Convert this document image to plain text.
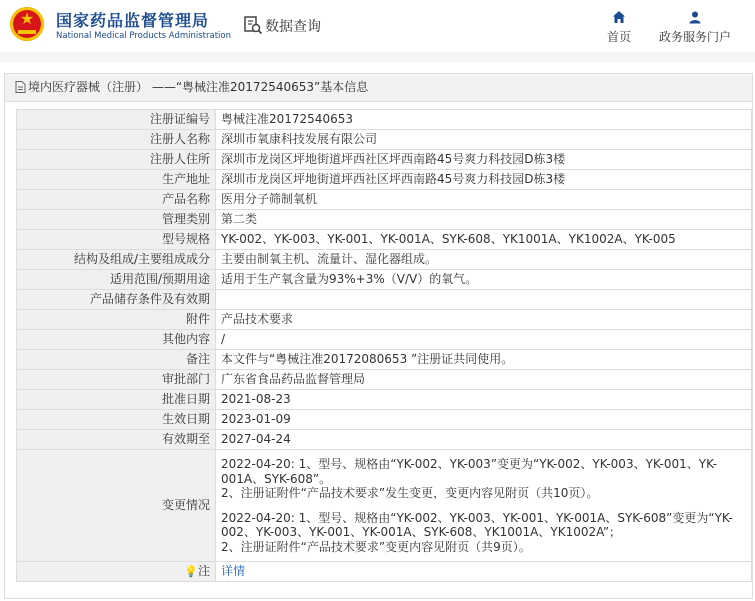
★	国家药品监督管理局
National Medical Products Administration
数据查询
首页	政务服务门户
境内医疗器械（注册） ——“粤械注准20172540653”基本信息
注册证编号	粤械注准20172540653
注册人名称	深圳市氧康科技发展有限公司
注册人住所	深圳市龙岗区坪地街道坪西社区坪西南路45号爽力科技园D栋3楼
生产地址	深圳市龙岗区坪地街道坪西社区坪西南路45号爽力科技园D栋3楼
产品名称	医用分子筛制氧机
管理类别	第二类
型号规格	YK-002、YK-003、YK-001、YK-001A、SYK-608、YK1001A、YK1002A、YK-005
结构及组成/主要组成成分	主要由制氧主机、流量计、湿化器组成。
适用范围/预期用途	适用于生产氧含量为93%+3%（V/V）的氧气。
产品储存条件及有效期	
附件	产品技术要求
其他内容	/
备注	本文件与“粤械注准20172080653 ”注册证共同使用。
审批部门	广东省食品药品监督管理局
批准日期	2021-08-23
生效日期	2023-01-09
有效期至	2027-04-24
变更情况	2022-04-20: 1、型号、规格由“YK-002、YK-003”变更为“YK-002、YK-003、YK-001、YK-001A、SYK-608”。
2、注册证附件“产品技术要求”发生变更，变更内容见附页（共10页）。
2022-04-20: 1、型号、规格由“YK-002、YK-003、YK-001、YK-001A、SYK-608”变更为“YK-002、YK-003、YK-001、YK-001A、SYK-608、YK1001A、YK1002A”；
2、注册证附件“产品技术要求”变更内容见附页（共9页）。

💡注	详情
